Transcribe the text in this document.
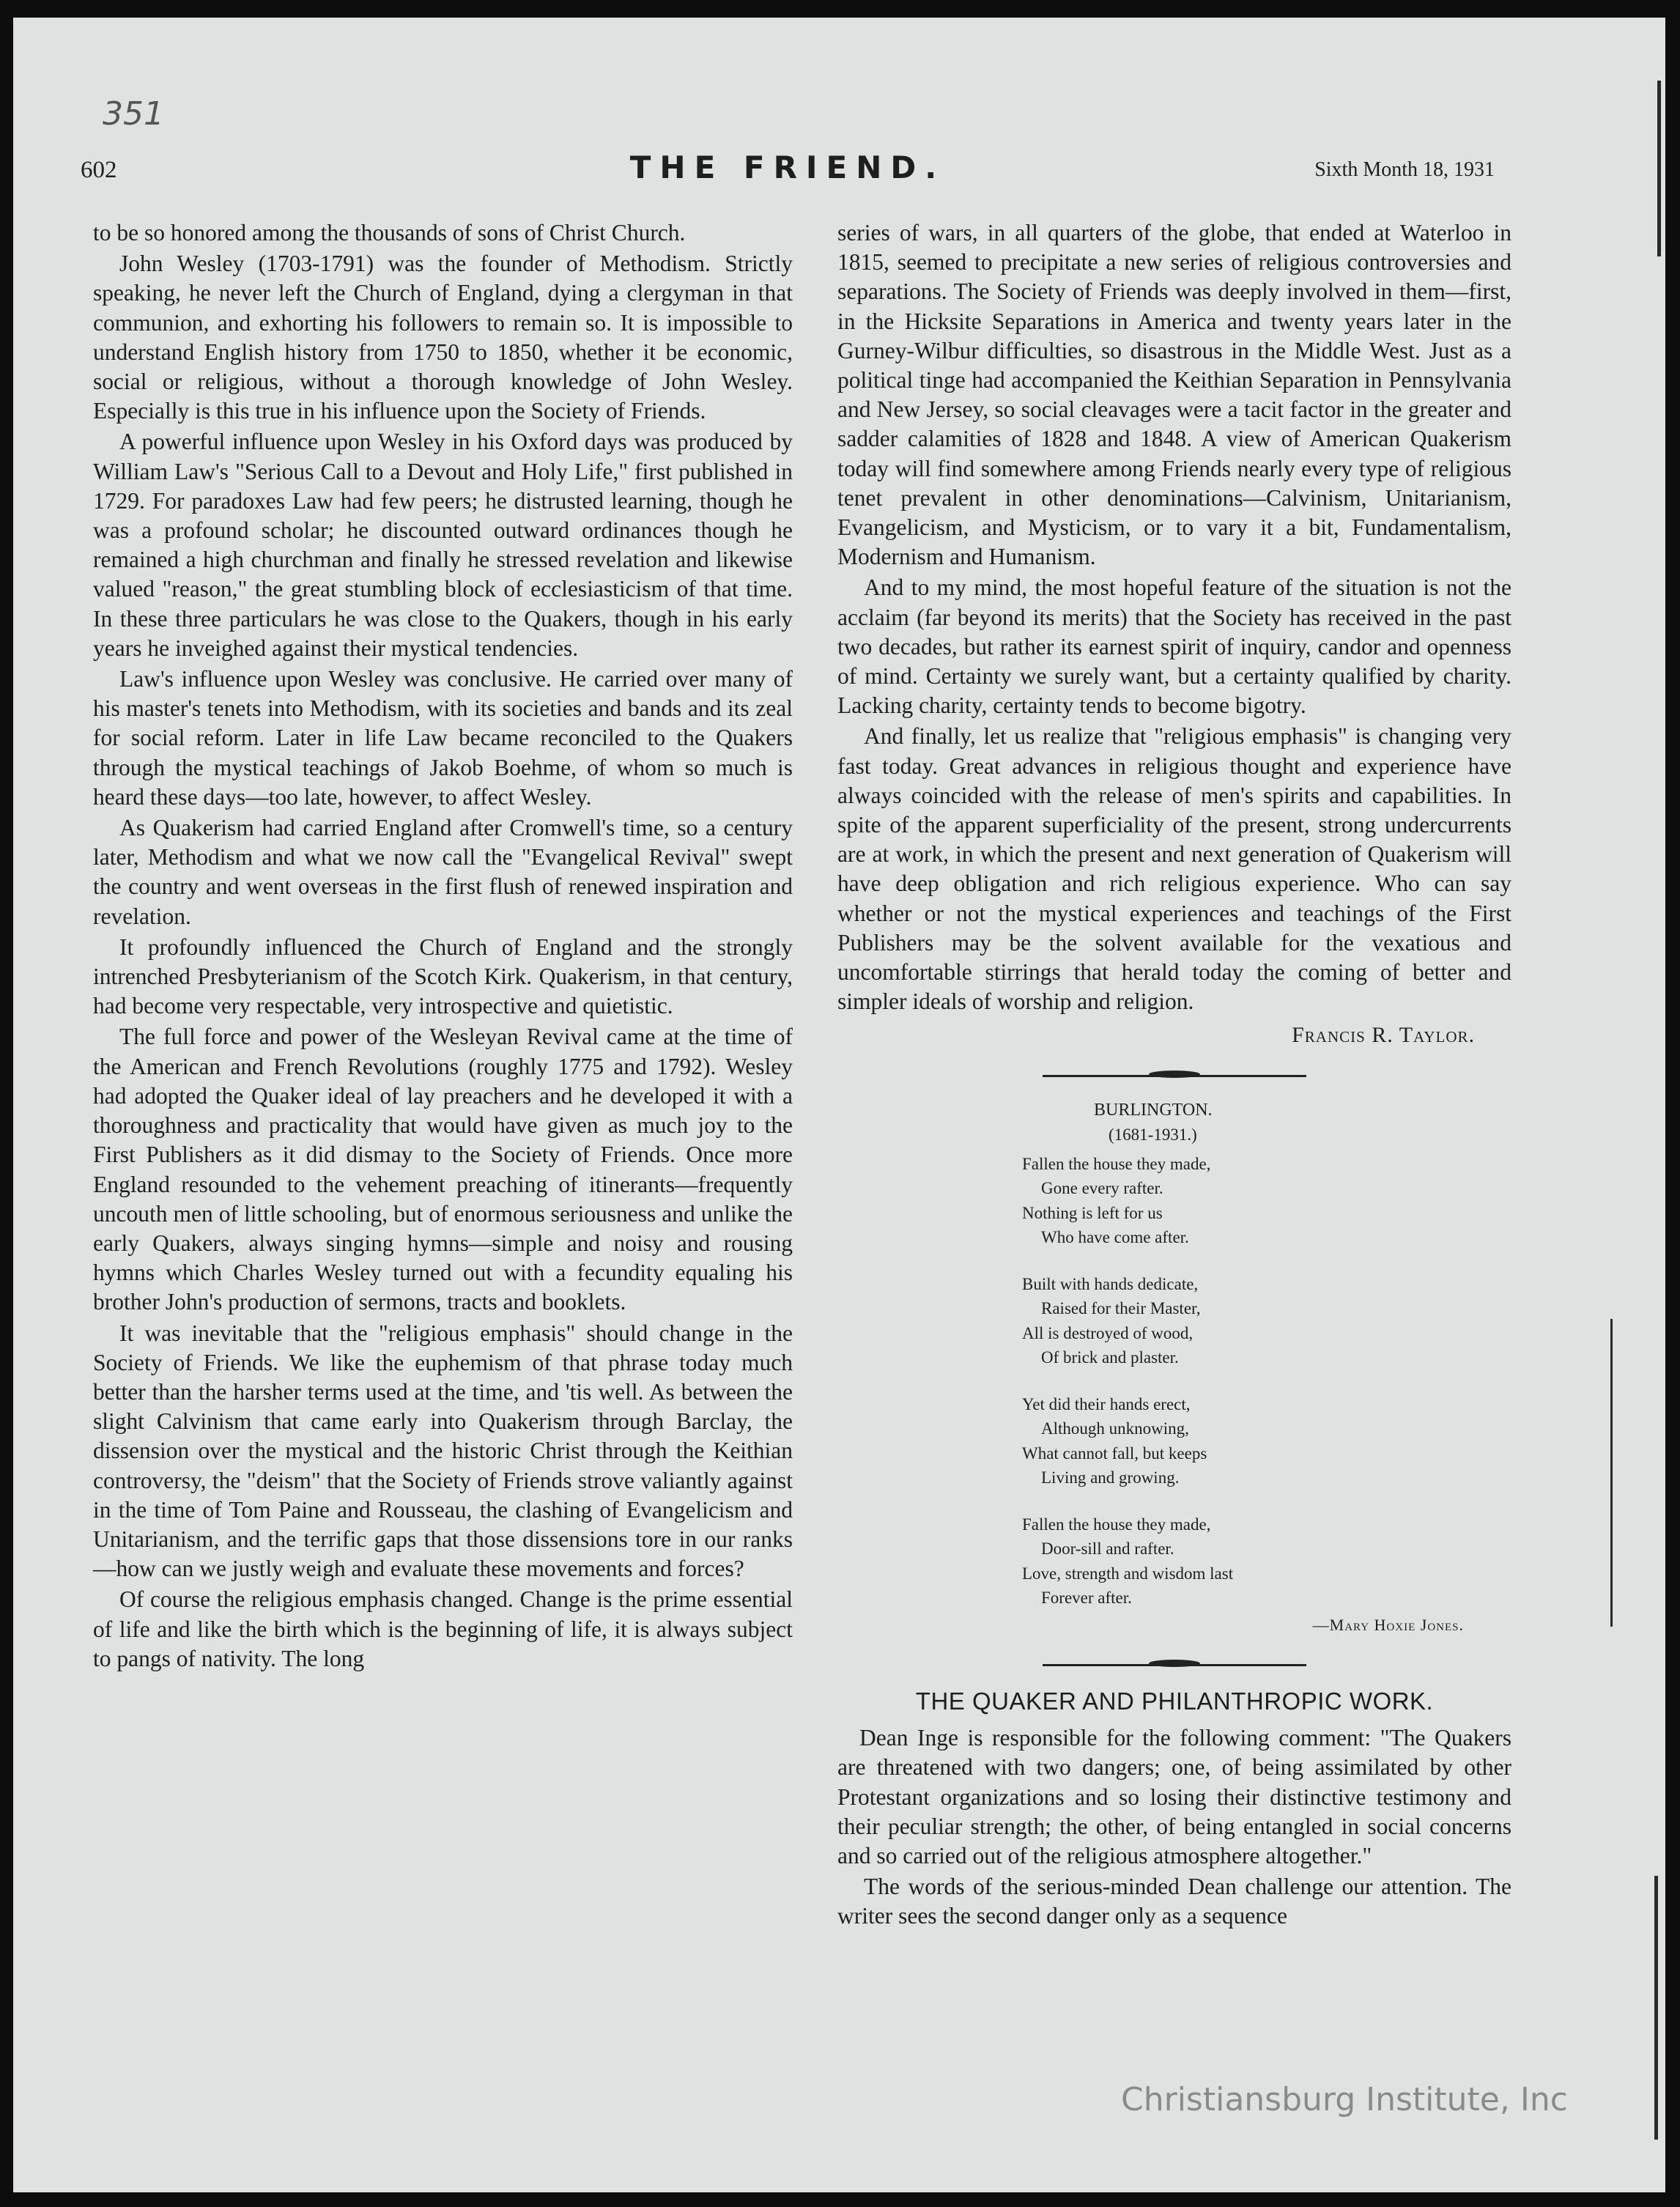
351
602	THE FRIEND.	Sixth Month 18, 1931

to be so honored among the thousands of sons of Christ Church.

John Wesley (1703-1791) was the founder of Methodism. Strictly speaking, he never left the Church of England, dying a clergyman in that communion, and exhorting his followers to remain so. It is impossible to understand English history from 1750 to 1850, whether it be economic, social or religious, without a thorough knowledge of John Wesley. Especially is this true in his influence upon the Society of Friends.

A powerful influence upon Wesley in his Oxford days was produced by William Law's "Serious Call to a Devout and Holy Life," first published in 1729. For paradoxes Law had few peers; he distrusted learning, though he was a profound scholar; he discounted outward ordinances though he remained a high churchman and finally he stressed revelation and likewise valued "reason," the great stumbling block of ecclesiasticism of that time. In these three particulars he was close to the Quakers, though in his early years he inveighed against their mystical tendencies.

Law's influence upon Wesley was conclusive. He carried over many of his master's tenets into Methodism, with its societies and bands and its zeal for social reform. Later in life Law became reconciled to the Quakers through the mystical teachings of Jakob Boehme, of whom so much is heard these days—too late, however, to affect Wesley.

As Quakerism had carried England after Cromwell's time, so a century later, Methodism and what we now call the "Evangelical Revival" swept the country and went overseas in the first flush of renewed inspiration and revelation.

It profoundly influenced the Church of England and the strongly intrenched Presbyterianism of the Scotch Kirk. Quakerism, in that century, had become very respectable, very introspective and quietistic.

The full force and power of the Wesleyan Revival came at the time of the American and French Revolutions (roughly 1775 and 1792). Wesley had adopted the Quaker ideal of lay preachers and he developed it with a thoroughness and practicality that would have given as much joy to the First Publishers as it did dismay to the Society of Friends. Once more England resounded to the vehement preaching of itinerants—frequently uncouth men of little schooling, but of enormous seriousness and unlike the early Quakers, always singing hymns—simple and noisy and rousing hymns which Charles Wesley turned out with a fecundity equaling his brother John's production of sermons, tracts and booklets.

It was inevitable that the "religious emphasis" should change in the Society of Friends. We like the euphemism of that phrase today much better than the harsher terms used at the time, and 'tis well. As between the slight Calvinism that came early into Quakerism through Barclay, the dissension over the mystical and the historic Christ through the Keithian controversy, the "deism" that the Society of Friends strove valiantly against in the time of Tom Paine and Rousseau, the clashing of Evangelicism and Unitarianism, and the terrific gaps that those dissensions tore in our ranks —how can we justly weigh and evaluate these movements and forces?

Of course the religious emphasis changed. Change is the prime essential of life and like the birth which is the beginning of life, it is always subject to pangs of nativity. The long

series of wars, in all quarters of the globe, that ended at Waterloo in 1815, seemed to precipitate a new series of religious controversies and separations. The Society of Friends was deeply involved in them—first, in the Hicksite Separations in America and twenty years later in the Gurney-Wilbur difficulties, so disastrous in the Middle West. Just as a political tinge had accompanied the Keithian Separation in Pennsylvania and New Jersey, so social cleavages were a tacit factor in the greater and sadder calamities of 1828 and 1848. A view of American Quakerism today will find somewhere among Friends nearly every type of religious tenet prevalent in other denominations—Calvinism, Unitarianism, Evangelicism, and Mysticism, or to vary it a bit, Fundamentalism, Modernism and Humanism.

And to my mind, the most hopeful feature of the situation is not the acclaim (far beyond its merits) that the Society has received in the past two decades, but rather its earnest spirit of inquiry, candor and openness of mind. Certainty we surely want, but a certainty qualified by charity. Lacking charity, certainty tends to become bigotry.

And finally, let us realize that "religious emphasis" is changing very fast today. Great advances in religious thought and experience have always coincided with the release of men's spirits and capabilities. In spite of the apparent superficiality of the present, strong undercurrents are at work, in which the present and next generation of Quakerism will have deep obligation and rich religious experience. Who can say whether or not the mystical experiences and teachings of the First Publishers may be the solvent available for the vexatious and uncomfortable stirrings that herald today the coming of better and simpler ideals of worship and religion.

Francis R. Taylor.
BURLINGTON.
(1681-1931.)
Fallen the house they made,
Gone every rafter.
Nothing is left for us
Who have come after.
Built with hands dedicate,
Raised for their Master,
All is destroyed of wood,
Of brick and plaster.
Yet did their hands erect,
Although unknowing,
What cannot fall, but keeps
Living and growing.
Fallen the house they made,
Door-sill and rafter.
Love, strength and wisdom last
Forever after.
—Mary Hoxie Jones.
THE QUAKER AND PHILANTHROPIC WORK.

Dean Inge is responsible for the following comment: "The Quakers are threatened with two dangers; one, of being assimilated by other Protestant organizations and so losing their distinctive testimony and their peculiar strength; the other, of being entangled in social concerns and so carried out of the religious atmosphere altogether."

The words of the serious-minded Dean challenge our attention. The writer sees the second danger only as a sequence

Christiansburg Institute, Inc
